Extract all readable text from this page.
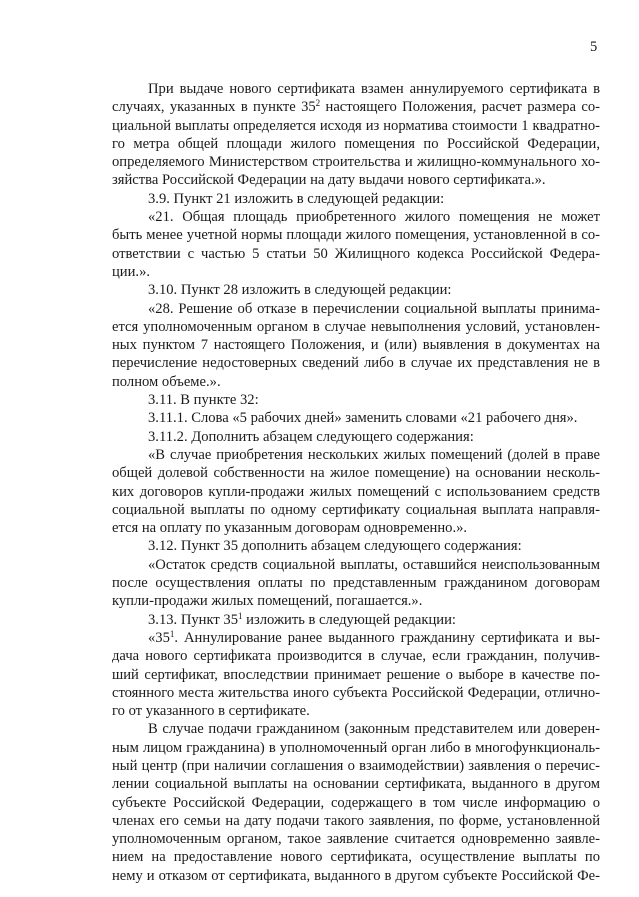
5
При выдаче нового сертификата взамен аннулируемого сертификата в
случаях, указанных в пункте $35^2$ настоящего Положения, расчет размера со-
циальной выплаты определяется исходя из норматива стоимости 1 квадратно-
го метра общей площади жилого помещения по Российской Федерации,
определяемого Министерством строительства и жилищно-коммунального хо-
зяйства Российской Федерации на дату выдачи нового сертификата.».
3.9. Пункт 21 изложить в следующей редакции:
«21. Общая площадь приобретенного жилого помещения не может
быть менее учетной нормы площади жилого помещения, установленной в со-
ответствии с частью 5 статьи 50 Жилищного кодекса Российской Федера-
ции.».
3.10. Пункт 28 изложить в следующей редакции:
«28. Решение об отказе в перечислении социальной выплаты принима-
ется уполномоченным органом в случае невыполнения условий, установлен-
ных пунктом 7 настоящего Положения, и (или) выявления в документах на
перечисление недостоверных сведений либо в случае их представления не в
полном объеме.».
3.11. В пункте 32:
3.11.1. Слова «5 рабочих дней» заменить словами «21 рабочего дня».
3.11.2. Дополнить абзацем следующего содержания:
«В случае приобретения нескольких жилых помещений (долей в праве
общей долевой собственности на жилое помещение) на основании несколь-
ких договоров купли-продажи жилых помещений с использованием средств
социальной выплаты по одному сертификату социальная выплата направля-
ется на оплату по указанным договорам одновременно.».
3.12. Пункт 35 дополнить абзацем следующего содержания:
«Остаток средств социальной выплаты, оставшийся неиспользованным
после осуществления оплаты по представленным гражданином договорам
купли-продажи жилых помещений, погашается.».
3.13. Пункт $35^1$ изложить в следующей редакции:
«$35^1$. Аннулирование ранее выданного гражданину сертификата и вы-
дача нового сертификата производится в случае, если гражданин, получив-
ший сертификат, впоследствии принимает решение о выборе в качестве по-
стоянного места жительства иного субъекта Российской Федерации, отлично-
го от указанного в сертификате.
В случае подачи гражданином (законным представителем или доверен-
ным лицом гражданина) в уполномоченный орган либо в многофункциональ-
ный центр (при наличии соглашения о взаимодействии) заявления о перечис-
лении социальной выплаты на основании сертификата, выданного в другом
субъекте Российской Федерации, содержащего в том числе информацию о
членах его семьи на дату подачи такого заявления, по форме, установленной
уполномоченным органом, такое заявление считается одновременно заявле-
нием на предоставление нового сертификата, осуществление выплаты по
нему и отказом от сертификата, выданного в другом субъекте Российской Фе-
